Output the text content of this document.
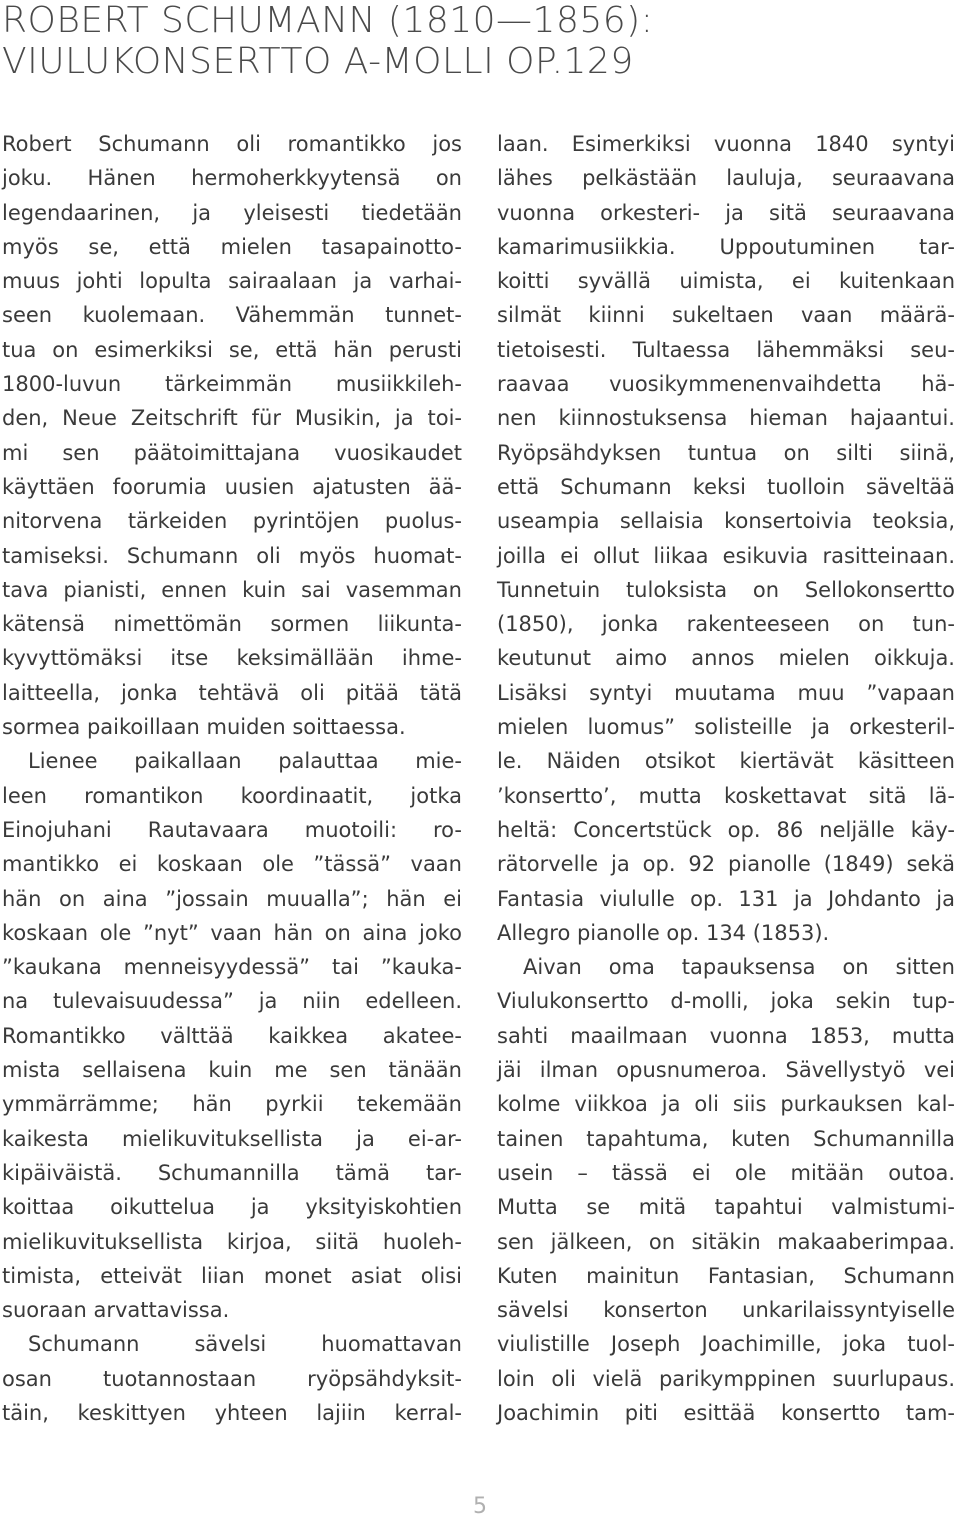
ROBERT SCHUMANN (1810—1856):
VIULUKONSERTTO A-MOLLI OP.129
Robert Schumann oli romantikko jos
joku. Hänen hermoherkkyytensä on
legendaarinen, ja yleisesti tiedetään
myös se, että mielen tasapainotto-
muus johti lopulta sairaalaan ja varhai-
seen kuolemaan. Vähemmän tunnet-
tua on esimerkiksi se, että hän perusti
1800-luvun tärkeimmän musiikkileh-
den, Neue Zeitschrift für Musikin, ja toi-
mi sen päätoimittajana vuosikaudet
käyttäen foorumia uusien ajatusten ää-
nitorvena tärkeiden pyrintöjen puolus-
tamiseksi. Schumann oli myös huomat-
tava pianisti, ennen kuin sai vasemman
kätensä nimettömän sormen liikunta-
kyvyttömäksi itse keksimällään ihme-
laitteella, jonka tehtävä oli pitää tätä
sormea paikoillaan muiden soittaessa.
Lienee paikallaan palauttaa mie-
leen romantikon koordinaatit, jotka
Einojuhani Rautavaara muotoili: ro-
mantikko ei koskaan ole ”tässä” vaan
hän on aina ”jossain muualla”; hän ei
koskaan ole ”nyt” vaan hän on aina joko
”kaukana menneisyydessä” tai ”kauka-
na tulevaisuudessa” ja niin edelleen.
Romantikko välttää kaikkea akatee-
mista sellaisena kuin me sen tänään
ymmärrämme; hän pyrkii tekemään
kaikesta mielikuvituksellista ja ei-ar-
kipäiväistä. Schumannilla tämä tar-
koittaa oikuttelua ja yksityiskohtien
mielikuvituksellista kirjoa, siitä huoleh-
timista, etteivät liian monet asiat olisi
suoraan arvattavissa.
Schumann sävelsi huomattavan
osan tuotannostaan ryöpsähdyksit-
täin, keskittyen yhteen lajiin kerral-
laan. Esimerkiksi vuonna 1840 syntyi
lähes pelkästään lauluja, seuraavana
vuonna orkesteri- ja sitä seuraavana
kamarimusiikkia. Uppoutuminen tar-
koitti syvällä uimista, ei kuitenkaan
silmät kiinni sukeltaen vaan määrä-
tietoisesti. Tultaessa lähemmäksi seu-
raavaa vuosikymmenenvaihdetta hä-
nen kiinnostuksensa hieman hajaantui.
Ryöpsähdyksen tuntua on silti siinä,
että Schumann keksi tuolloin säveltää
useampia sellaisia konsertoivia teoksia,
joilla ei ollut liikaa esikuvia rasitteinaan.
Tunnetuin tuloksista on Sellokonsertto
(1850), jonka rakenteeseen on tun-
keutunut aimo annos mielen oikkuja.
Lisäksi syntyi muutama muu ”vapaan
mielen luomus” solisteille ja orkesteril-
le. Näiden otsikot kiertävät käsitteen
’konsertto’, mutta koskettavat sitä lä-
heltä: Concertstück op. 86 neljälle käy-
rätorvelle ja op. 92 pianolle (1849) sekä
Fantasia viululle op. 131 ja Johdanto ja
Allegro pianolle op. 134 (1853).
Aivan oma tapauksensa on sitten
Viulukonsertto d-molli, joka sekin tup-
sahti maailmaan vuonna 1853, mutta
jäi ilman opusnumeroa. Sävellystyö vei
kolme viikkoa ja oli siis purkauksen kal-
tainen tapahtuma, kuten Schumannilla
usein – tässä ei ole mitään outoa.
Mutta se mitä tapahtui valmistumi-
sen jälkeen, on sitäkin makaaberimpaa.
Kuten mainitun Fantasian, Schumann
sävelsi konserton unkarilaissyntyiselle
viulistille Joseph Joachimille, joka tuol-
loin oli vielä parikymppinen suurlupaus.
Joachimin piti esittää konsertto tam-
5
